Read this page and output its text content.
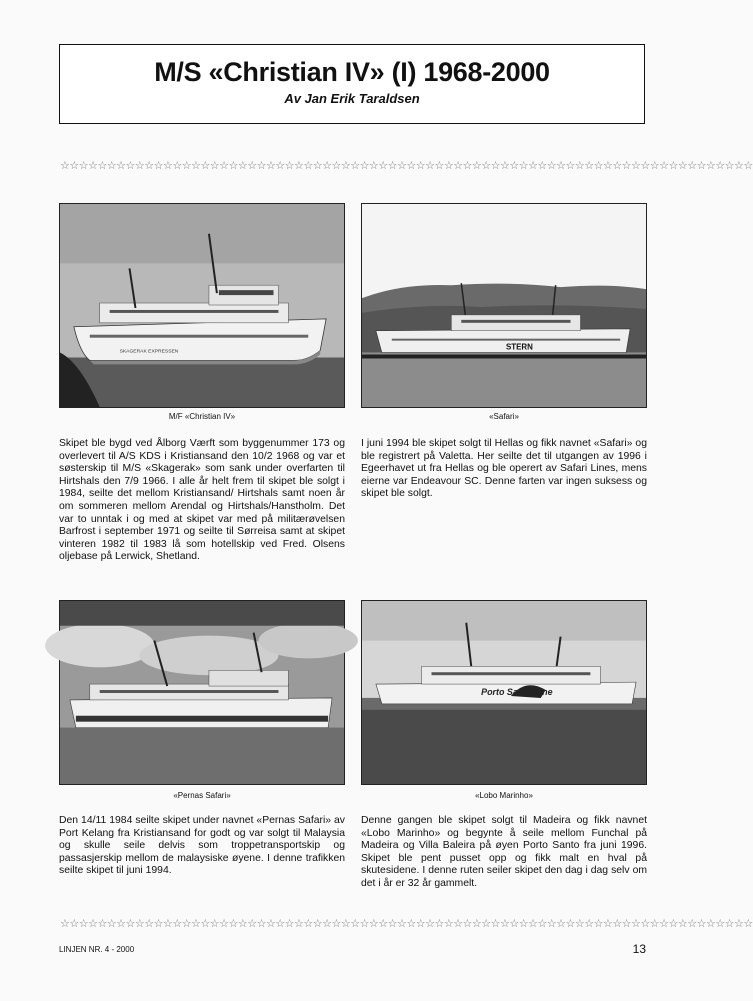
M/S «Christian IV» (I) 1968-2000
Av Jan Erik Taraldsen
☆☆☆☆☆☆☆☆☆☆☆☆☆☆☆☆☆☆☆☆☆☆☆☆☆☆☆☆☆☆☆☆☆☆☆☆☆☆☆☆☆☆☆☆☆☆☆☆☆☆☆☆☆☆☆☆☆☆☆☆☆☆☆☆☆☆☆☆☆☆☆☆☆☆
SKAGERAK EXPRESSEN
M/F «Christian IV»
STERN
«Safari»

Skipet ble bygd ved Ålborg Værft som byggenummer 173 og overlevert til A/S KDS i Kristiansand den 10/2 1968 og var et søsterskip til M/S «Skagerak» som sank under overfarten til Hirtshals den 7/9 1966. I alle år helt frem til skipet ble solgt i 1984, seilte det mellom Kristiansand/ Hirtshals samt noen år om sommeren mellom Arendal og Hirtshals/Hanstholm. Det var to unntak i og med at skipet var med på militærøvelsen Barfrost i september 1971 og seilte til Sørreisa samt at skipet vinteren 1982 til 1983 lå som hotellskip ved Fred. Olsens oljebase på Lerwick, Shetland.

I juni 1994 ble skipet solgt til Hellas og fikk navnet «Safari» og ble registrert på Valetta. Her seilte det til utgangen av 1996 i Egeerhavet ut fra Hellas og ble operert av Safari Lines, mens eierne var Endeavour SC. Denne farten var ingen suksess og skipet ble solgt.

«Pernas Safari»
Porto Santo Line
«Lobo Marinho»

Den 14/11 1984 seilte skipet under navnet «Pernas Safari» av Port Kelang fra Kristiansand for godt og var solgt til Malaysia og skulle seile delvis som troppetransportskip og passasjerskip mellom de malaysiske øyene. I denne trafikken seilte skipet til juni 1994.

Denne gangen ble skipet solgt til Madeira og fikk navnet «Lobo Marinho» og begynte å seile mellom Funchal på Madeira og Villa Baleira på øyen Porto Santo fra juni 1996. Skipet ble pent pusset opp og fikk malt en hval på skutesidene. I denne ruten seiler skipet den dag i dag selv om det i år er 32 år gammelt.

☆☆☆☆☆☆☆☆☆☆☆☆☆☆☆☆☆☆☆☆☆☆☆☆☆☆☆☆☆☆☆☆☆☆☆☆☆☆☆☆☆☆☆☆☆☆☆☆☆☆☆☆☆☆☆☆☆☆☆☆☆☆☆☆☆☆☆☆☆☆☆☆☆☆
LINJEN NR. 4 - 2000	13
